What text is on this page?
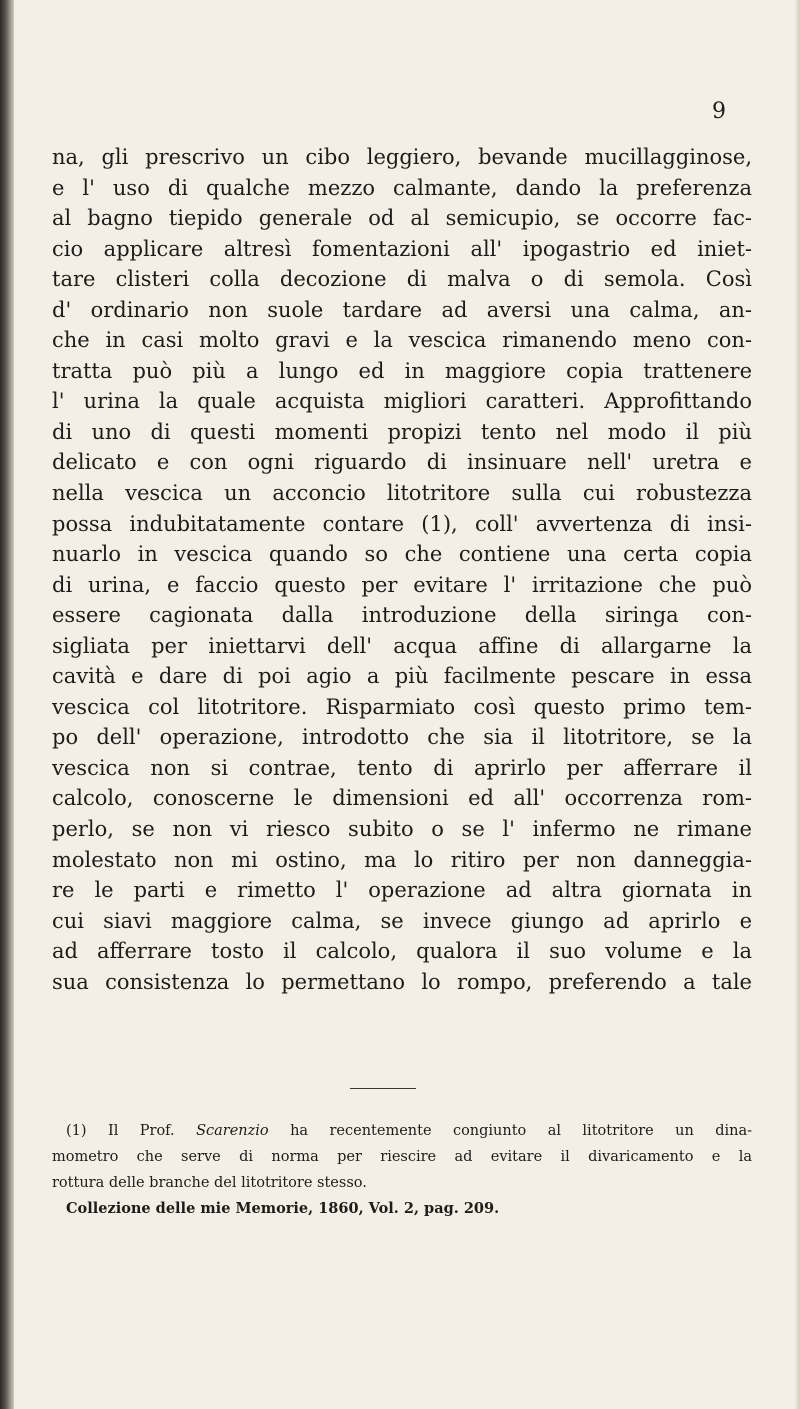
9
na, gli prescrivo un cibo leggiero, bevande mucillagginose,
e l' uso di qualche mezzo calmante, dando la preferenza
al bagno tiepido generale od al semicupio, se occorre fac-
cio applicare altresì fomentazioni all' ipogastrio ed iniet-
tare clisteri colla decozione di malva o di semola. Così
d' ordinario non suole tardare ad aversi una calma, an-
che in casi molto gravi e la vescica rimanendo meno con-
tratta può più a lungo ed in maggiore copia trattenere
l' urina la quale acquista migliori caratteri. Approfittando
di uno di questi momenti propizi tento nel modo il più
delicato e con ogni riguardo di insinuare nell' uretra e
nella vescica un acconcio litotritore sulla cui robustezza
possa indubitatamente contare (1), coll' avvertenza di insi-
nuarlo in vescica quando so che contiene una certa copia
di urina, e faccio questo per evitare l' irritazione che può
essere cagionata dalla introduzione della siringa con-
sigliata per iniettarvi dell' acqua affine di allargarne la
cavità e dare di poi agio a più facilmente pescare in essa
vescica col litotritore. Risparmiato così questo primo tem-
po dell' operazione, introdotto che sia il litotritore, se la
vescica non si contrae, tento di aprirlo per afferrare il
calcolo, conoscerne le dimensioni ed all' occorrenza rom-
perlo, se non vi riesco subito o se l' infermo ne rimane
molestato non mi ostino, ma lo ritiro per non danneggia-
re le parti e rimetto l' operazione ad altra giornata in
cui siavi maggiore calma, se invece giungo ad aprirlo e
ad afferrare tosto il calcolo, qualora il suo volume e la
sua consistenza lo permettano lo rompo, preferendo a tale
(1) Il Prof. Scarenzio ha recentemente congiunto al litotritore un dina-
mometro che serve di norma per riescire ad evitare il divaricamento e la
rottura delle branche del litotritore stesso.
Collezione delle mie Memorie, 1860, Vol. 2, pag. 209.
